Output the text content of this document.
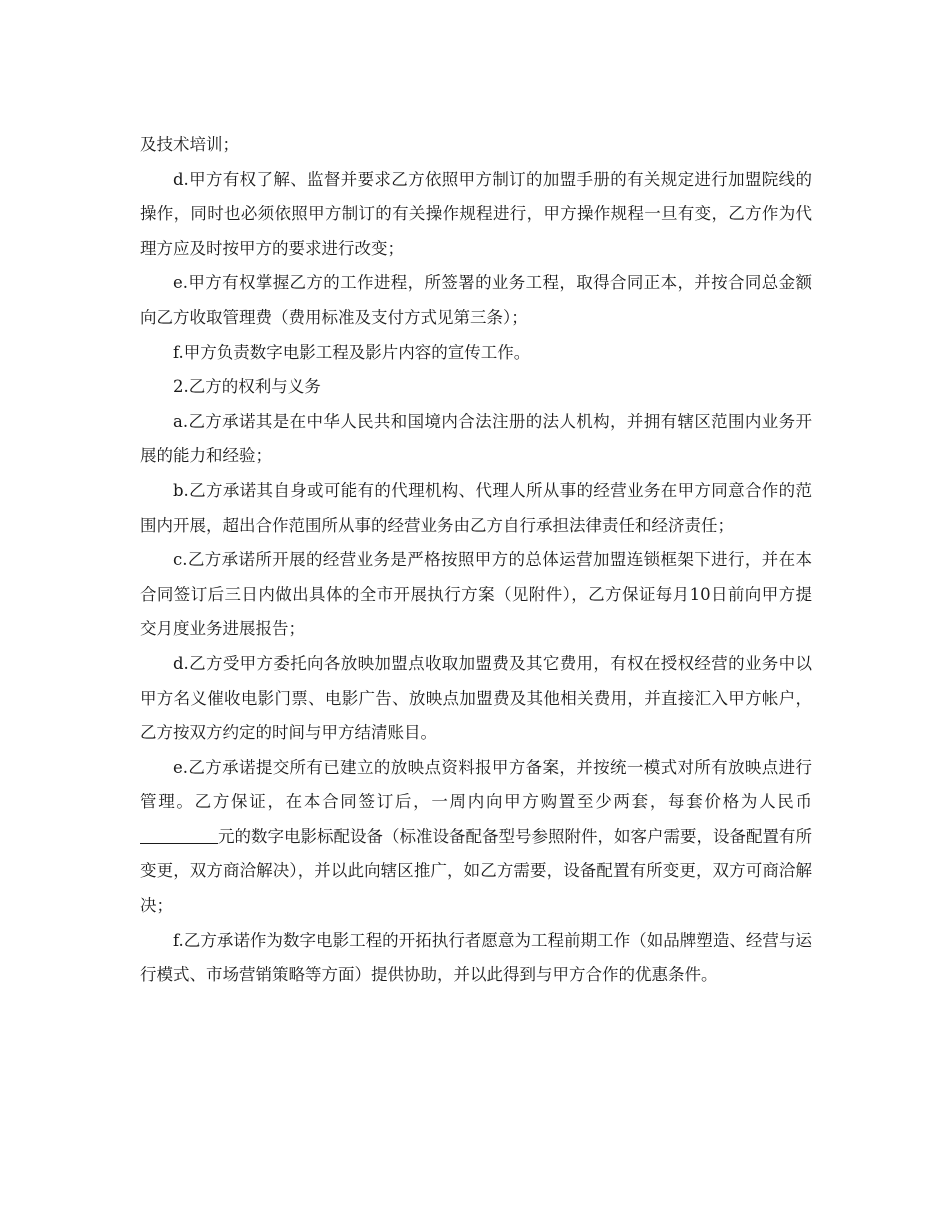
及技术培训；

d.甲方有权了解、监督并要求乙方依照甲方制订的加盟手册的有关规定进行加盟院线的操作，同时也必须依照甲方制订的有关操作规程进行，甲方操作规程一旦有变，乙方作为代理方应及时按甲方的要求进行改变；

e.甲方有权掌握乙方的工作进程，所签署的业务工程，取得合同正本，并按合同总金额向乙方收取管理费（费用标准及支付方式见第三条）；

f.甲方负责数字电影工程及影片内容的宣传工作。

2.乙方的权利与义务

a.乙方承诺其是在中华人民共和国境内合法注册的法人机构，并拥有辖区范围内业务开展的能力和经验；

b.乙方承诺其自身或可能有的代理机构、代理人所从事的经营业务在甲方同意合作的范围内开展，超出合作范围所从事的经营业务由乙方自行承担法律责任和经济责任；

c.乙方承诺所开展的经营业务是严格按照甲方的总体运营加盟连锁框架下进行，并在本合同签订后三日内做出具体的全市开展执行方案（见附件），乙方保证每月10日前向甲方提交月度业务进展报告；

d.乙方受甲方委托向各放映加盟点收取加盟费及其它费用，有权在授权经营的业务中以甲方名义催收电影门票、电影广告、放映点加盟费及其他相关费用，并直接汇入甲方帐户，乙方按双方约定的时间与甲方结清账目。

e.乙方承诺提交所有已建立的放映点资料报甲方备案，并按统一模式对所有放映点进行管理。乙方保证，在本合同签订后，一周内向甲方购置至少两套，每套价格为人民币元的数字电影标配设备（标准设备配备型号参照附件，如客户需要，设备配置有所变更，双方商洽解决），并以此向辖区推广，如乙方需要，设备配置有所变更，双方可商洽解决；

f.乙方承诺作为数字电影工程的开拓执行者愿意为工程前期工作（如品牌塑造、经营与运行模式、市场营销策略等方面）提供协助，并以此得到与甲方合作的优惠条件。
